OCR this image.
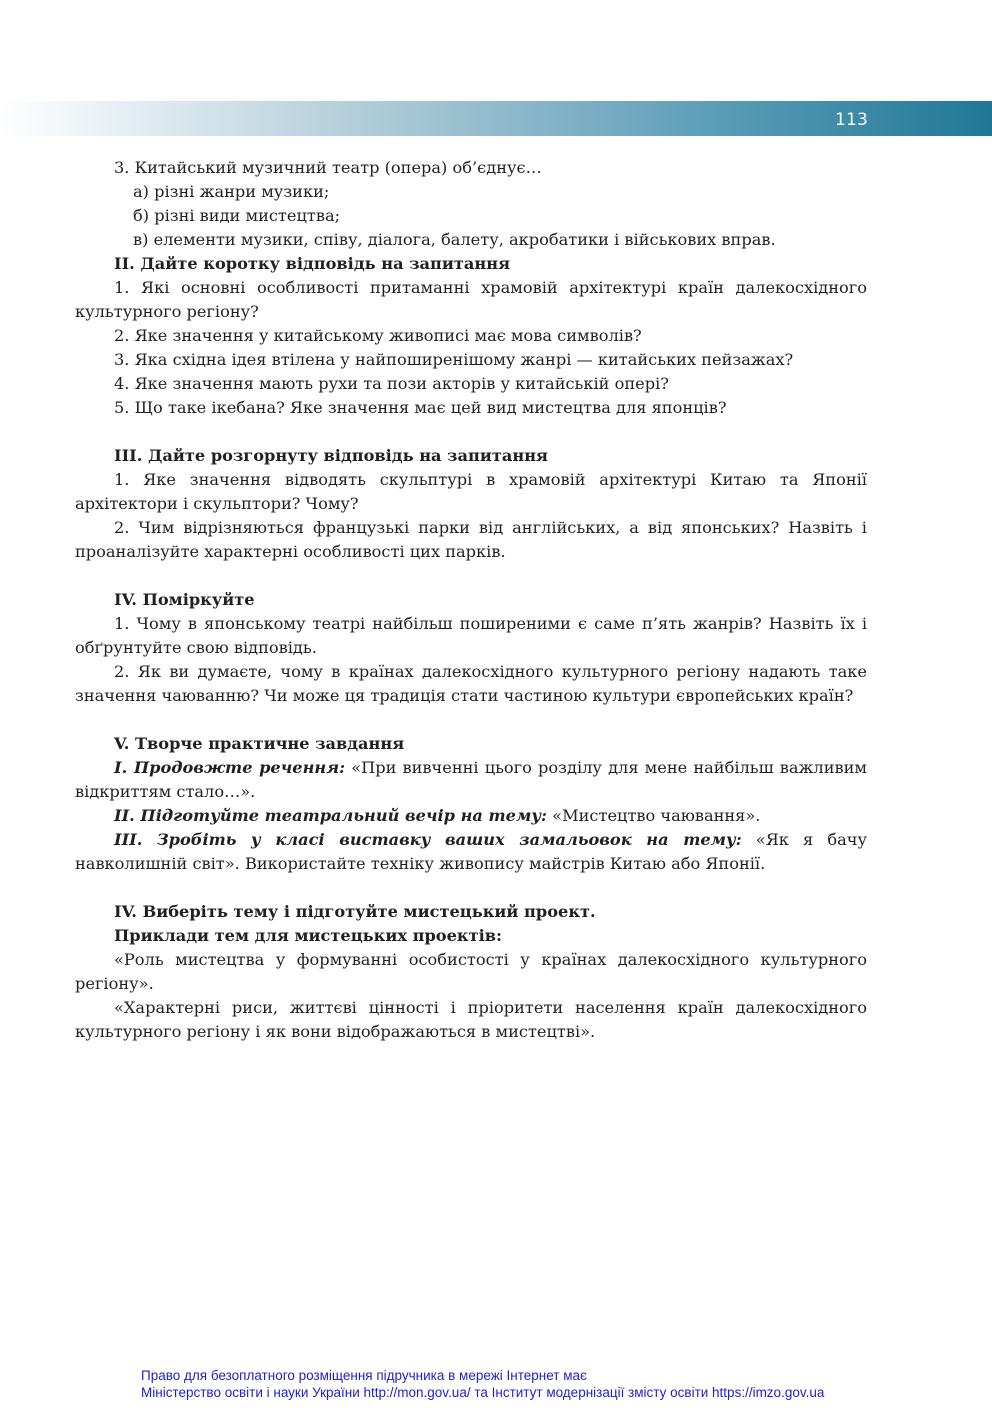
113

3. Китайський музичний театр (опера) об’єднує…

а) різні жанри музики;

б) різні види мистецтва;

в) елементи музики, співу, діалога, балету, акробатики і військових вправ.

II. Дайте коротку відповідь на запитання

1. Які основні особливості притаманні храмовій архітектурі країн далекосхідного культурного регіону?

2. Яке значення у китайському живописі має мова символів?

3. Яка східна ідея втілена у найпоширенішому жанрі — китайських пейзажах?

4. Яке значення мають рухи та пози акторів у китайській опері?

5. Що таке ікебана? Яке значення має цей вид мистецтва для японців?

III. Дайте розгорнуту відповідь на запитання

1. Яке значення відводять скульптурі в храмовій архітектурі Китаю та Японії архітектори і скульптори? Чому?

2. Чим відрізняються французькі парки від англійських, а від японських? Назвіть і проаналізуйте характерні особливості цих парків.

IV. Поміркуйте

1. Чому в японському театрі найбільш поширеними є саме п’ять жанрів? Назвіть їх і обґрунтуйте свою відповідь.

2. Як ви думаєте, чому в країнах далекосхідного культурного регіону надають таке значення чаюванню? Чи може ця традиція стати частиною культури європейських країн?

V. Творче практичне завдання

I. Продовжте речення: «При вивченні цього розділу для мене найбільш важливим відкриттям стало…».

II. Підготуйте театральний вечір на тему: «Мистецтво чаювання».

III. Зробіть у класі виставку ваших замальовок на тему: «Як я бачу навколишній світ». Використайте техніку живопису майстрів Китаю або Японії.

IV. Виберіть тему і підготуйте мистецький проект.

Приклади тем для мистецьких проектів:

«Роль мистецтва у формуванні особистості у країнах далекосхідного культурного регіону».

«Характерні риси, життєві цінності і пріоритети населення країн далекосхідного культурного регіону і як вони відображаються в мистецтві».

Право для безоплатного розміщення підручника в мережі Інтернет має
Міністерство освіти і науки України http://mon.gov.ua/ та Інститут модернізації змісту освіти https://imzo.gov.ua
